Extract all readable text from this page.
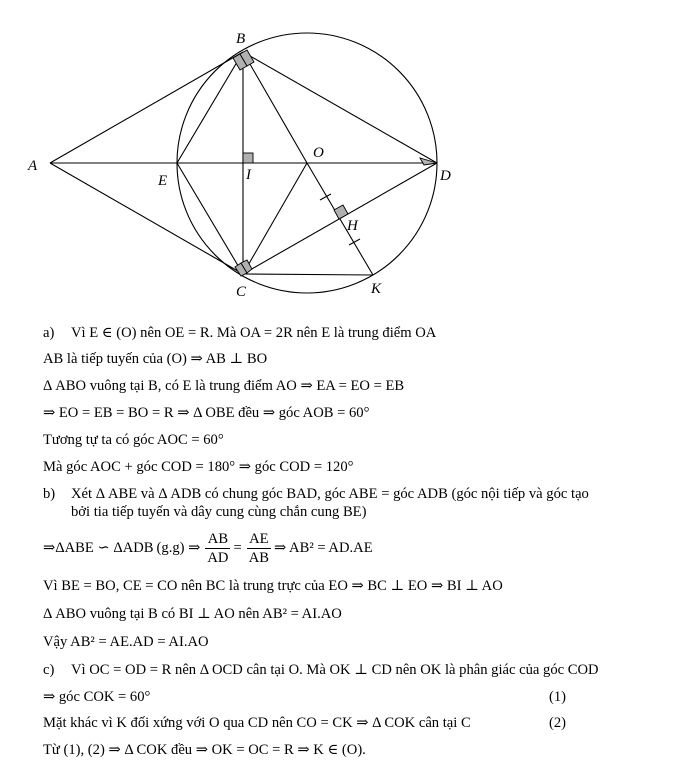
A
B
C
D
E	I
O
H
K
a) Vì E ∈ (O) nên OE = R. Mà OA = 2R nên E là trung điểm OA
AB là tiếp tuyến của (O) ⇒ AB ⊥ BO
Δ ABO vuông tại B, có E là trung điểm AO ⇒ EA = EO = EB
⇒ EO = EB = BO = R ⇒ Δ OBE đều ⇒ góc AOB = 60°
Tương tự ta có góc AOC = 60°
Mà góc AOC + góc COD = 180° ⇒ góc COD = 120°
b) Xét Δ ABE và Δ ADB có chung góc BAD, góc ABE = góc ADB (góc nội tiếp và góc tạo
bởi tia tiếp tuyến và dây cung cùng chắn cung BE)
⇒ΔABE ∽ ΔADB (g.g) ⇒ $\frac{AB}{AD} = \frac{AE}{AB}$ ⇒ AB² = AD.AE
Vì BE = BO, CE = CO nên BC là trung trực của EO ⇒ BC ⊥ EO ⇒ BI ⊥ AO
Δ ABO vuông tại B có BI ⊥ AO nên AB² = AI.AO
Vậy AB² = AE.AD = AI.AO
c) Vì OC = OD = R nên Δ OCD cân tại O. Mà OK ⊥ CD nên OK là phân giác của góc COD
⇒ góc COK = 60°	(1)
Mặt khác vì K đối xứng với O qua CD nên CO = CK ⇒ Δ COK cân tại C	(2)
Từ (1), (2) ⇒ Δ COK đều ⇒ OK = OC = R ⇒ K ∈ (O).
